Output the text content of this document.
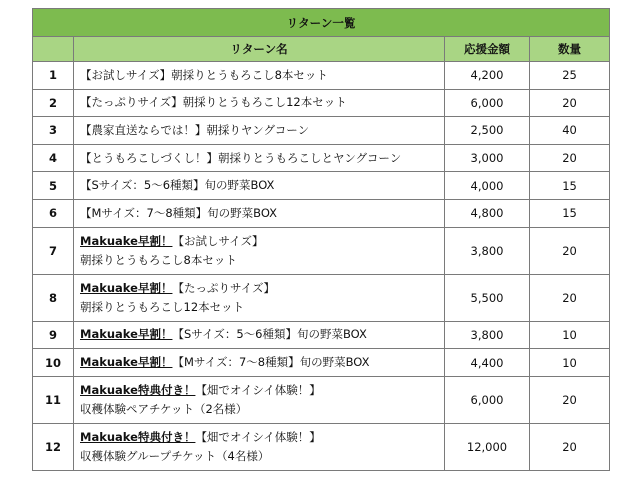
リターン一覧			
	リターン名	応援金額	数量
1	【お試しサイズ】朝採りとうもろこし8本セット	4,200	25
2	【たっぷりサイズ】朝採りとうもろこし12本セット	6,000	20
3	【農家直送ならでは！】朝採りヤングコーン	2,500	40
4	【とうもろこしづくし！】朝採りとうもろこしとヤングコーン	3,000	20
5	【Sサイズ：5〜6種類】旬の野菜BOX	4,000	15
6	【Mサイズ：7〜8種類】旬の野菜BOX	4,800	15
7	Makuake早割！【お試しサイズ】
朝採りとうもろこし8本セット	3,800	20
8	Makuake早割！【たっぷりサイズ】
朝採りとうもろこし12本セット	5,500	20
9	Makuake早割！【Sサイズ：5〜6種類】旬の野菜BOX	3,800	10
10	Makuake早割！【Mサイズ：7〜8種類】旬の野菜BOX	4,400	10
11	Makuake特典付き！【畑でオイシイ体験！】
収穫体験ペアチケット（2名様）	6,000	20
12	Makuake特典付き！【畑でオイシイ体験！】
収穫体験グループチケット（4名様）	12,000	20
